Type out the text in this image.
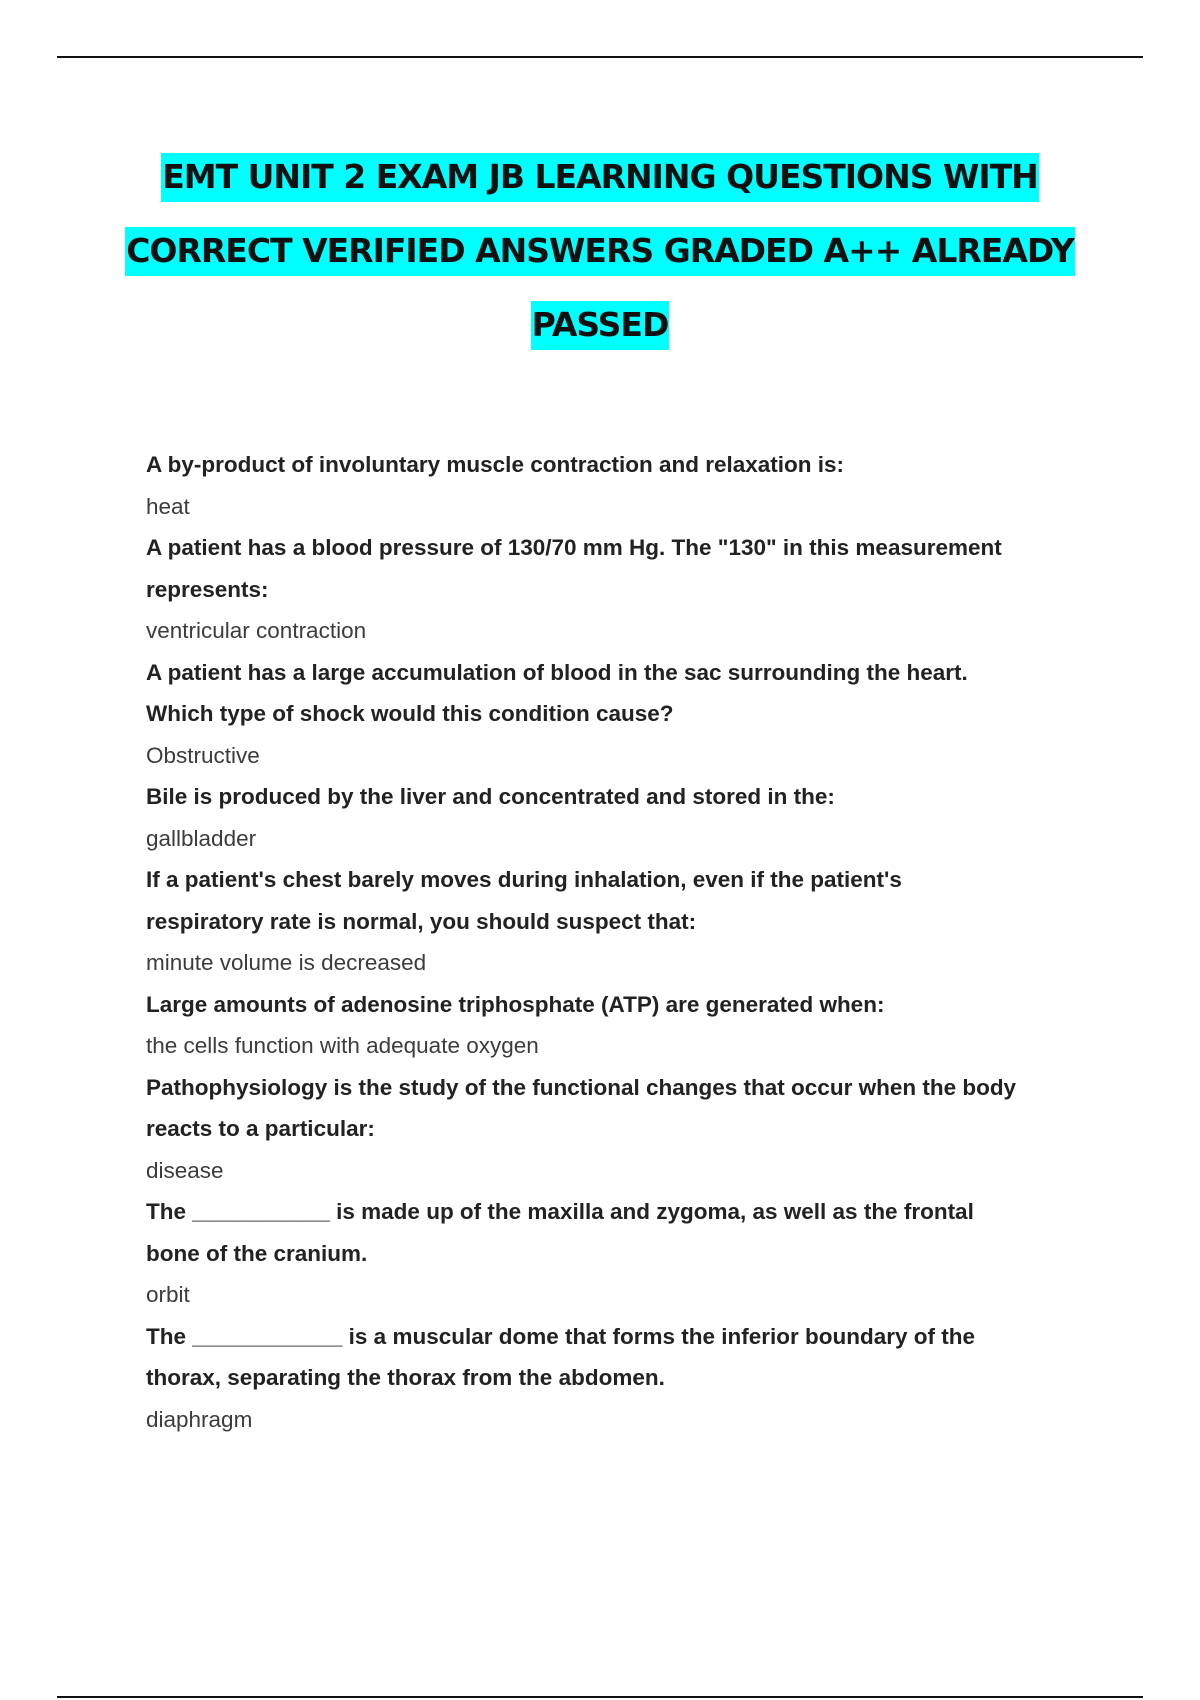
EMT UNIT 2 EXAM JB LEARNING QUESTIONS WITH
CORRECT VERIFIED ANSWERS GRADED A++ ALREADY
PASSED
A by-product of involuntary muscle contraction and relaxation is:
heat
A patient has a blood pressure of 130/70 mm Hg. The "130" in this measurement
represents:
ventricular contraction
A patient has a large accumulation of blood in the sac surrounding the heart.
Which type of shock would this condition cause?
Obstructive
Bile is produced by the liver and concentrated and stored in the:
gallbladder
If a patient's chest barely moves during inhalation, even if the patient's
respiratory rate is normal, you should suspect that:
minute volume is decreased
Large amounts of adenosine triphosphate (ATP) are generated when:
the cells function with adequate oxygen
Pathophysiology is the study of the functional changes that occur when the body
reacts to a particular:
disease
The ___________ is made up of the maxilla and zygoma, as well as the frontal
bone of the cranium.
orbit
The ____________ is a muscular dome that forms the inferior boundary of the
thorax, separating the thorax from the abdomen.
diaphragm
